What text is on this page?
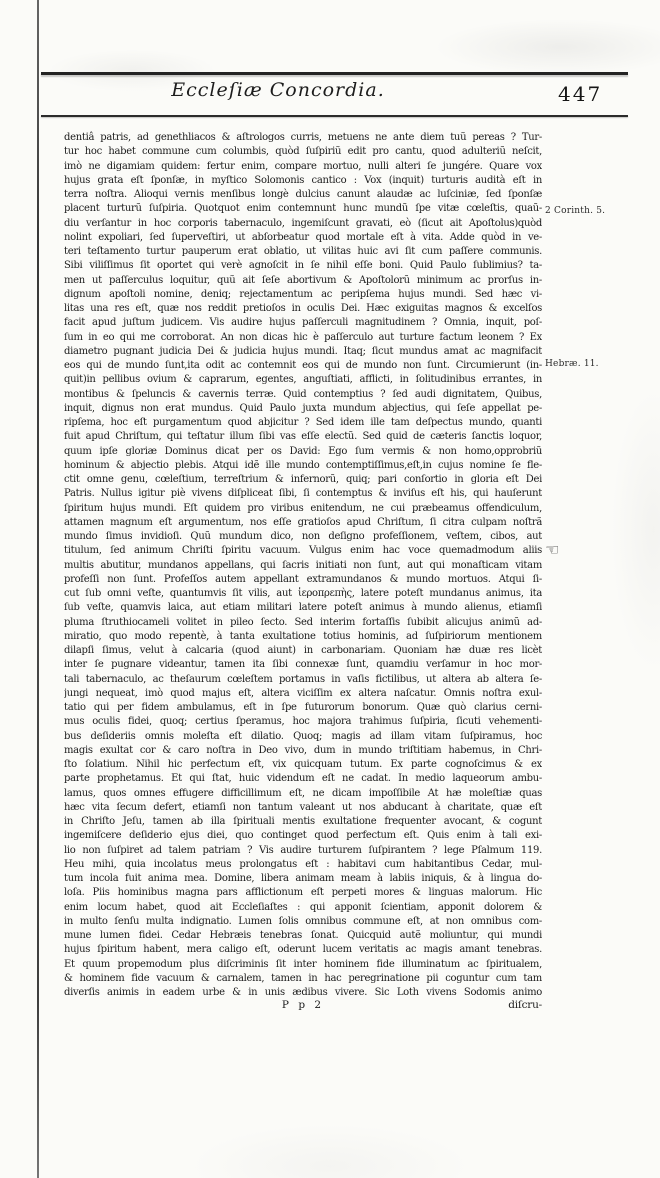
Eccleſiæ Concordia.	447
dentiâ patris, ad genethliacos & aſtrologos curris, metuens ne ante diem tuũ pereas ? Tur-
tur hoc habet commune cum columbis, quòd ſuſpiriũ edit pro cantu, quod adulteriũ neſcit,
imò ne digamiam quidem: fertur enim, compare mortuo, nulli alteri ſe jungére. Quare vox
hujus grata eſt ſponſæ, in myſtico Solomonis cantico : Vox (inquit) turturis audità eſt in
terra noſtra. Alioqui vernis menſibus longè dulcius canunt alaudæ ac luſciniæ, ſed ſponſæ
placent turturũ ſuſpiria. Quotquot enim contemnunt hunc mundũ ſpe vitæ cœleſtis, quaũ-
diu verſantur in hoc corporis tabernaculo, ingemiſcunt gravati, eò (ſicut ait Apoſtolus)quòd
nolint expoliari, ſed ſuperveſtiri, ut abſorbeatur quod mortale eſt à vita. Adde quòd in ve-
teri teſtamento turtur pauperum erat oblatio, ut vilitas huic avi ſit cum paſſere communis.
Sibi viliſſimus ſit oportet qui verè agnoſcit in ſe nihil eſſe boni. Quid Paulo ſublimius? ta-
men ut paſſerculus loquitur, quũ ait ſeſe abortivum & Apoſtolorũ minimum ac prorſus in-
dignum apoſtoli nomine, deniq; rejectamentum ac peripſema hujus mundi. Sed hæc vi-
litas una res eſt, quæ nos reddit pretioſos in oculis Dei. Hæc exiguitas magnos & excelſos
facit apud juſtum judicem. Vis audire hujus paſſerculi magnitudinem ? Omnia, inquit, poſ-
ſum in eo qui me corroborat. An non dicas hic è paſſerculo aut turture factum leonem ? Ex
diametro pugnant judicia Dei & judicia hujus mundi. Itaq; ſicut mundus amat ac magnifacit
eos qui de mundo ſunt,ita odit ac contemnit eos qui de mundo non ſunt. Circumierunt (in-
quit)in pellibus ovium & caprarum, egentes, anguſtiati, afflicti, in ſolitudinibus errantes, in
montibus & ſpeluncis & cavernis terræ. Quid contemptius ? ſed audi dignitatem, Quibus,
inquit, dignus non erat mundus. Quid Paulo juxta mundum abjectius, qui ſeſe appellat pe-
ripſema, hoc eſt purgamentum quod abjicitur ? Sed idem ille tam deſpectus mundo, quanti
fuit apud Chriſtum, qui teſtatur illum ſibi vas eſſe electũ. Sed quid de cæteris ſanctis loquor,
quum ipſe gloriæ Dominus dicat per os David: Ego ſum vermis & non homo,opprobriũ
hominum & abjectio plebis. Atqui idẽ ille mundo contemptiſſimus,eſt,in cujus nomine ſe fle-
ctit omne genu, cœleſtium, terreſtrium & infernorũ, quiq; pari conſortio in gloria eſt Dei
Patris. Nullus igitur piè vivens diſpliceat ſibi, ſi contemptus & inviſus eſt his, qui hauſerunt
ſpiritum hujus mundi. Eſt quidem pro viribus enitendum, ne cui præbeamus offendiculum,
attamen magnum eſt argumentum, nos eſſe gratioſos apud Chriſtum, ſi citra culpam noſtrã
mundo ſimus invidioſi. Quũ mundum dico, non deſigno profeſſionem, veſtem, cibos, aut
titulum, ſed animum Chriſti ſpiritu vacuum. Vulgus enim hac voce quemadmodum aliis
multis abutitur, mundanos appellans, qui ſacris initiati non ſunt, aut qui monaſticam vitam
profeſſi non ſunt. Profeſſos autem appellant extramundanos & mundo mortuos. Atqui ſi-
cut ſub omni veſte, quantumvis ſit vilis, aut ἱεροπρεπὴς, latere poteſt mundanus animus, ita
ſub veſte, quamvis laica, aut etiam militari latere poteſt animus à mundo alienus, etiamſi
pluma ſtruthiocameli volitet in pileo ſecto. Sed interim fortaſſis ſubibit alicujus animũ ad-
miratio, quo modo repentè, à tanta exultatione totius hominis, ad ſuſpiriorum mentionem
dilapſi ſimus, velut à calcaria (quod aiunt) in carbonariam. Quoniam hæ duæ res licèt
inter ſe pugnare videantur, tamen ita ſibi connexæ ſunt, quamdiu verſamur in hoc mor-
tali tabernaculo, ac theſaurum cœleſtem portamus in vaſis fictilibus, ut altera ab altera ſe-
jungi nequeat, imò quod majus eſt, altera viciſſim ex altera naſcatur. Omnis noſtra exul-
tatio qui per fidem ambulamus, eſt in ſpe futurorum bonorum. Quæ quò clarius cerni-
mus oculis fidei, quoq; certius ſperamus, hoc majora trahimus ſuſpiria, ſicuti vehementi-
bus deſideriis omnis moleſta eſt dilatio. Quoq; magis ad illam vitam ſuſpiramus, hoc
magis exultat cor & caro noſtra in Deo vivo, dum in mundo triſtitiam habemus, in Chri-
ſto ſolatium. Nihil hic perfectum eſt, vix quicquam tutum. Ex parte cognoſcimus & ex
parte prophetamus. Et qui ſtat, huic videndum eſt ne cadat. In medio laqueorum ambu-
lamus, quos omnes effugere difficillimum eſt, ne dicam impoſſibile At hæ moleſtiæ quas
hæc vita ſecum defert, etiamſi non tantum valeant ut nos abducant à charitate, quæ eſt
in Chriſto Jeſu, tamen ab illa ſpirituali mentis exultatione frequenter avocant, & cogunt
ingemiſcere deſiderio ejus diei, quo continget quod perfectum eſt. Quis enim à tali exi-
lio non ſuſpiret ad talem patriam ? Vis audire turturem ſuſpirantem ? lege Pſalmum 119.
Heu mihi, quia incolatus meus prolongatus eſt : habitavi cum habitantibus Cedar, mul-
tum incola fuit anima mea. Domine, libera animam meam à labiis iniquis, & à lingua do-
loſa. Piis hominibus magna pars afflictionum eſt perpeti mores & linguas malorum. Hic
enim locum habet, quod ait Eccleſiaſtes : qui apponit ſcientiam, apponit dolorem &
in multo ſenſu multa indignatio. Lumen ſolis omnibus commune eſt, at non omnibus com-
mune lumen fidei. Cedar Hebræis tenebras ſonat. Quicquid autẽ moliuntur, qui mundi
hujus ſpiritum habent, mera caligo eſt, oderunt lucem veritatis ac magis amant tenebras.
Et quum propemodum plus diſcriminis ſit inter hominem fide illuminatum ac ſpiritualem,
& hominem fide vacuum & carnalem, tamen in hac peregrinatione pii coguntur cum tam
diverſis animis in eadem urbe & in unis ædibus vivere. Sic Loth vivens Sodomis animo
2 Corinth. 5.
Hebræ. 11.
☜
P p 2	diſcru-
